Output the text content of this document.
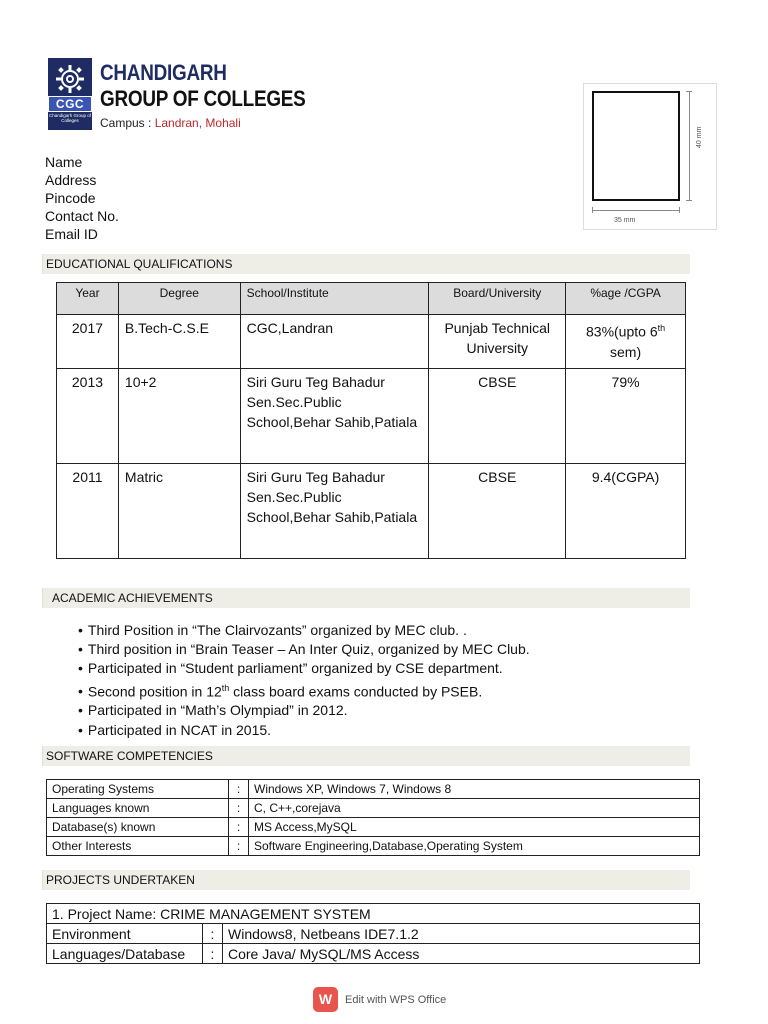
CGC
Chandigarh Group of Colleges
CHANDIGARH
GROUP OF COLLEGES
Campus : Landran, Mohali
35 mm
40 mm
Name
Address
Pincode
Contact No.
Email ID
EDUCATIONAL QUALIFICATIONS
Year	Degree	School/Institute	Board/University	%age /CGPA
2017	B.Tech-C.S.E	CGC,Landran	Punjab Technical University	83%(upto 6th sem)
2013	10+2	Siri Guru Teg Bahadur Sen.Sec.Public School,Behar Sahib,Patiala	CBSE	79%
2011	Matric	Siri Guru Teg Bahadur Sen.Sec.Public School,Behar Sahib,Patiala	CBSE	9.4(CGPA)
ACADEMIC ACHIEVEMENTS
• Third Position in “The Clairvozants” organized by MEC club. .
• Third position in “Brain Teaser – An Inter Quiz, organized by MEC Club.
• Participated in “Student parliament” organized by CSE department.
• Second position in 12th class board exams conducted by PSEB.
• Participated in “Math’s Olympiad” in 2012.
• Participated in NCAT in 2015.
SOFTWARE COMPETENCIES
Operating Systems	:	Windows XP, Windows 7, Windows 8
Languages known	:	C, C++,corejava
Database(s) known	:	MS Access,MySQL
Other Interests	:	Software Engineering,Database,Operating System
PROJECTS UNDERTAKEN
1. Project Name: CRIME MANAGEMENT SYSTEM		
Environment	:	Windows8, Netbeans IDE7.1.2
Languages/Database	:	Core Java/ MySQL/MS Access
W	Edit with WPS Office
